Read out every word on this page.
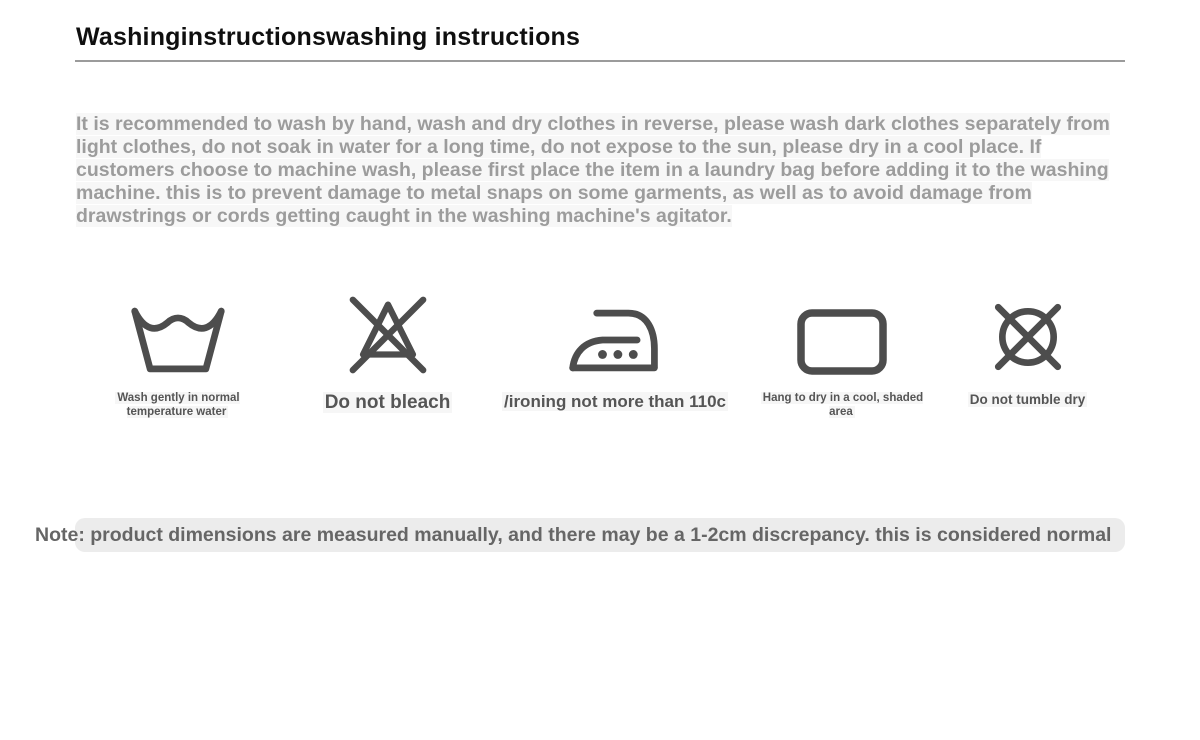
Washinginstructionswashing instructions

It is recommended to wash by hand, wash and dry clothes in reverse, please wash dark clothes separately from light clothes, do not soak in water for a long time, do not expose to the sun, please dry in a cool place. If customers choose to machine wash, please first place the item in a laundry bag before adding it to the washing machine. this is to prevent damage to metal snaps on some garments, as well as to avoid damage from drawstrings or cords getting caught in the washing machine's agitator.

Wash gently in normal temperature water	Do not bleach	/ironing not more than 110c	Hang to dry in a cool, shaded area
Do not tumble dry
Note: product dimensions are measured manually, and there may be a 1-2cm discrepancy. this is considered normal
